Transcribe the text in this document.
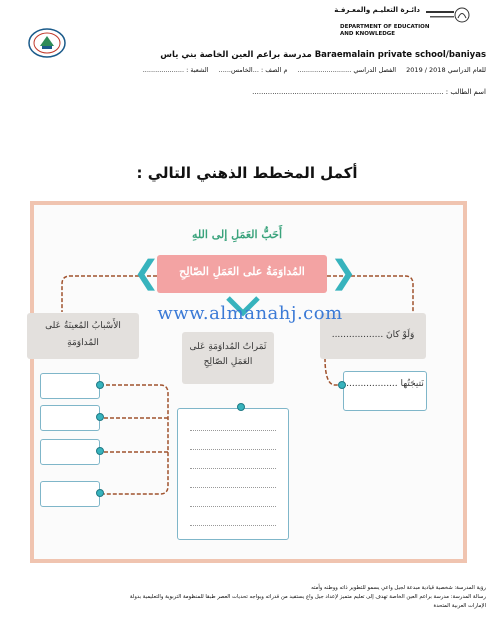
دائـرة التعليـم والمعـرفـة
DEPARTMENT OF EDUCATION
AND KNOWLEDGE
Baraemalain private school/baniyas مدرسة براعم العين الخاصة بني ياس
للعام الدراسي 2018 / 2019 الفصل الدراسي .......................... م الصف : ...الخامس...... الشعبة : ....................
اسم الطالب : ......................................................................................
أكمل المخطط الذهني التالي :
أَحَبُّ العَمَلِ إلى اللهِ
المُداوَمَةُ على العَمَلِ الصّالِحِ
❮	❯
وَلَوْ كانَ ..................
نَتيجَتُها ..................
ثَمَراتُ المُداوَمَةِ عَلى العَمَلِ الصّالِحِ
الأَسْبابُ المُعينَةُ عَلى المُداوَمَةِ
www.almanahj.com
رؤية المدرسة: شخصية قيادية مبدعة لجيل واعي يسمو للتطوير ذاته ووطنه وأمته
رسالة المدرسة: مدرسة براعم العين الخاصة تهدف إلى تعليم متميز لإعداد جيل واع يستفيد من قدراته ويواجه تحديات العصر طبقا للمنظومة التربوية والتعليمية بدولة
الإمارات العربية المتحدة
